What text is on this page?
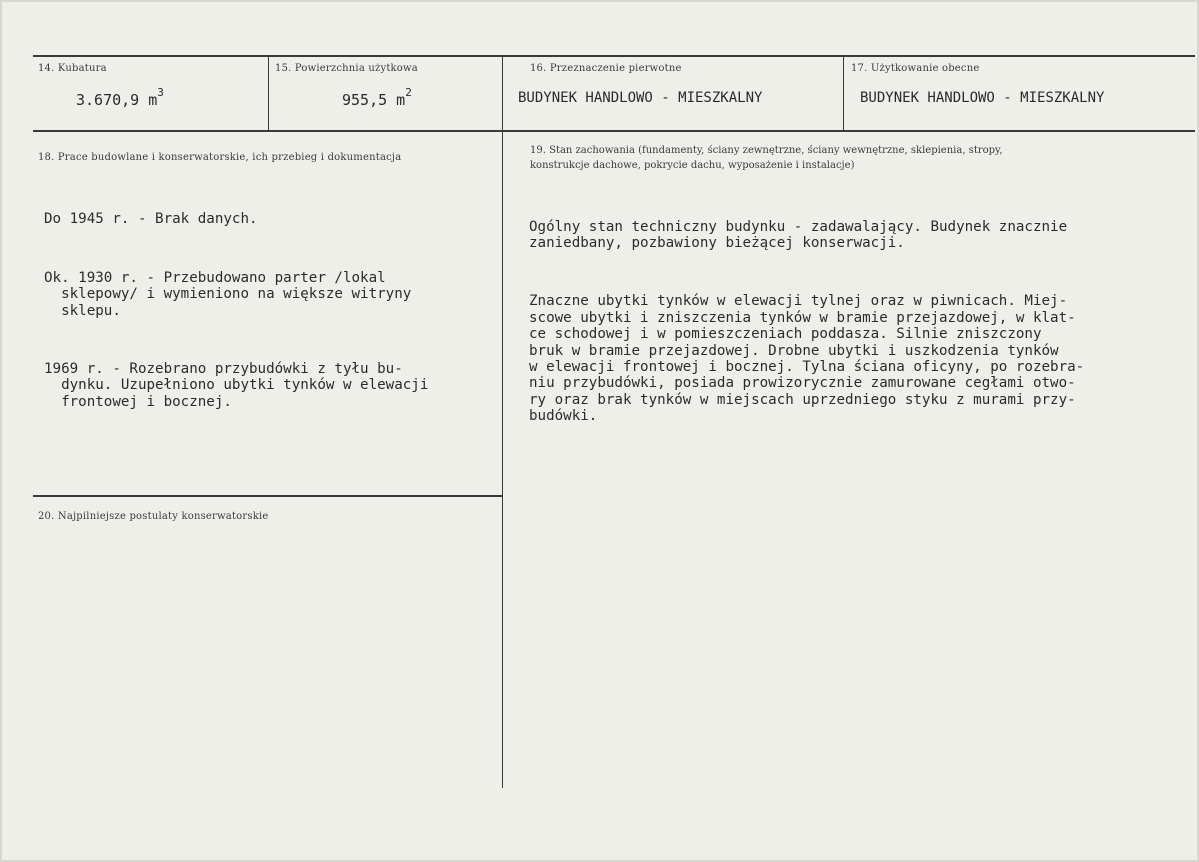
14. Kubatura	15. Powierzchnia użytkowa	16. Przeznaczenie pierwotne	17. Użytkowanie obecne
3.670,9 $m^3$	955,5 $m^2$	BUDYNEK HANDLOWO - MIESZKALNY	BUDYNEK HANDLOWO - MIESZKALNY
18. Prace budowlane i konserwatorskie, ich przebieg i dokumentacja

Do 1945 r. - Brak danych.

Ok. 1930 r. - Przebudowano parter /lokal
sklepowy/ i wymieniono na większe witryny
sklepu.

1969 r. - Rozebrano przybudówki z tyłu bu-
dynku. Uzupełniono ubytki tynków w elewacji
frontowej i bocznej.

19. Stan zachowania (fundamenty, ściany zewnętrzne, ściany wewnętrzne, sklepienia, stropy,
konstrukcje dachowe, pokrycie dachu, wyposażenie i instalacje)

Ogólny stan techniczny budynku - zadawalający. Budynek znacznie
zaniedbany, pozbawiony bieżącej konserwacji.

Znaczne ubytki tynków w elewacji tylnej oraz w piwnicach. Miej-
scowe ubytki i zniszczenia tynków w bramie przejazdowej, w klat-
ce schodowej i w pomieszczeniach poddasza. Silnie zniszczony
bruk w bramie przejazdowej. Drobne ubytki i uszkodzenia tynków
w elewacji frontowej i bocznej. Tylna ściana oficyny, po rozebra-
niu przybudówki, posiada prowizorycznie zamurowane cegłami otwo-
ry oraz brak tynków w miejscach uprzedniego styku z murami przy-
budówki.

20. Najpilniejsze postulaty konserwatorskie
